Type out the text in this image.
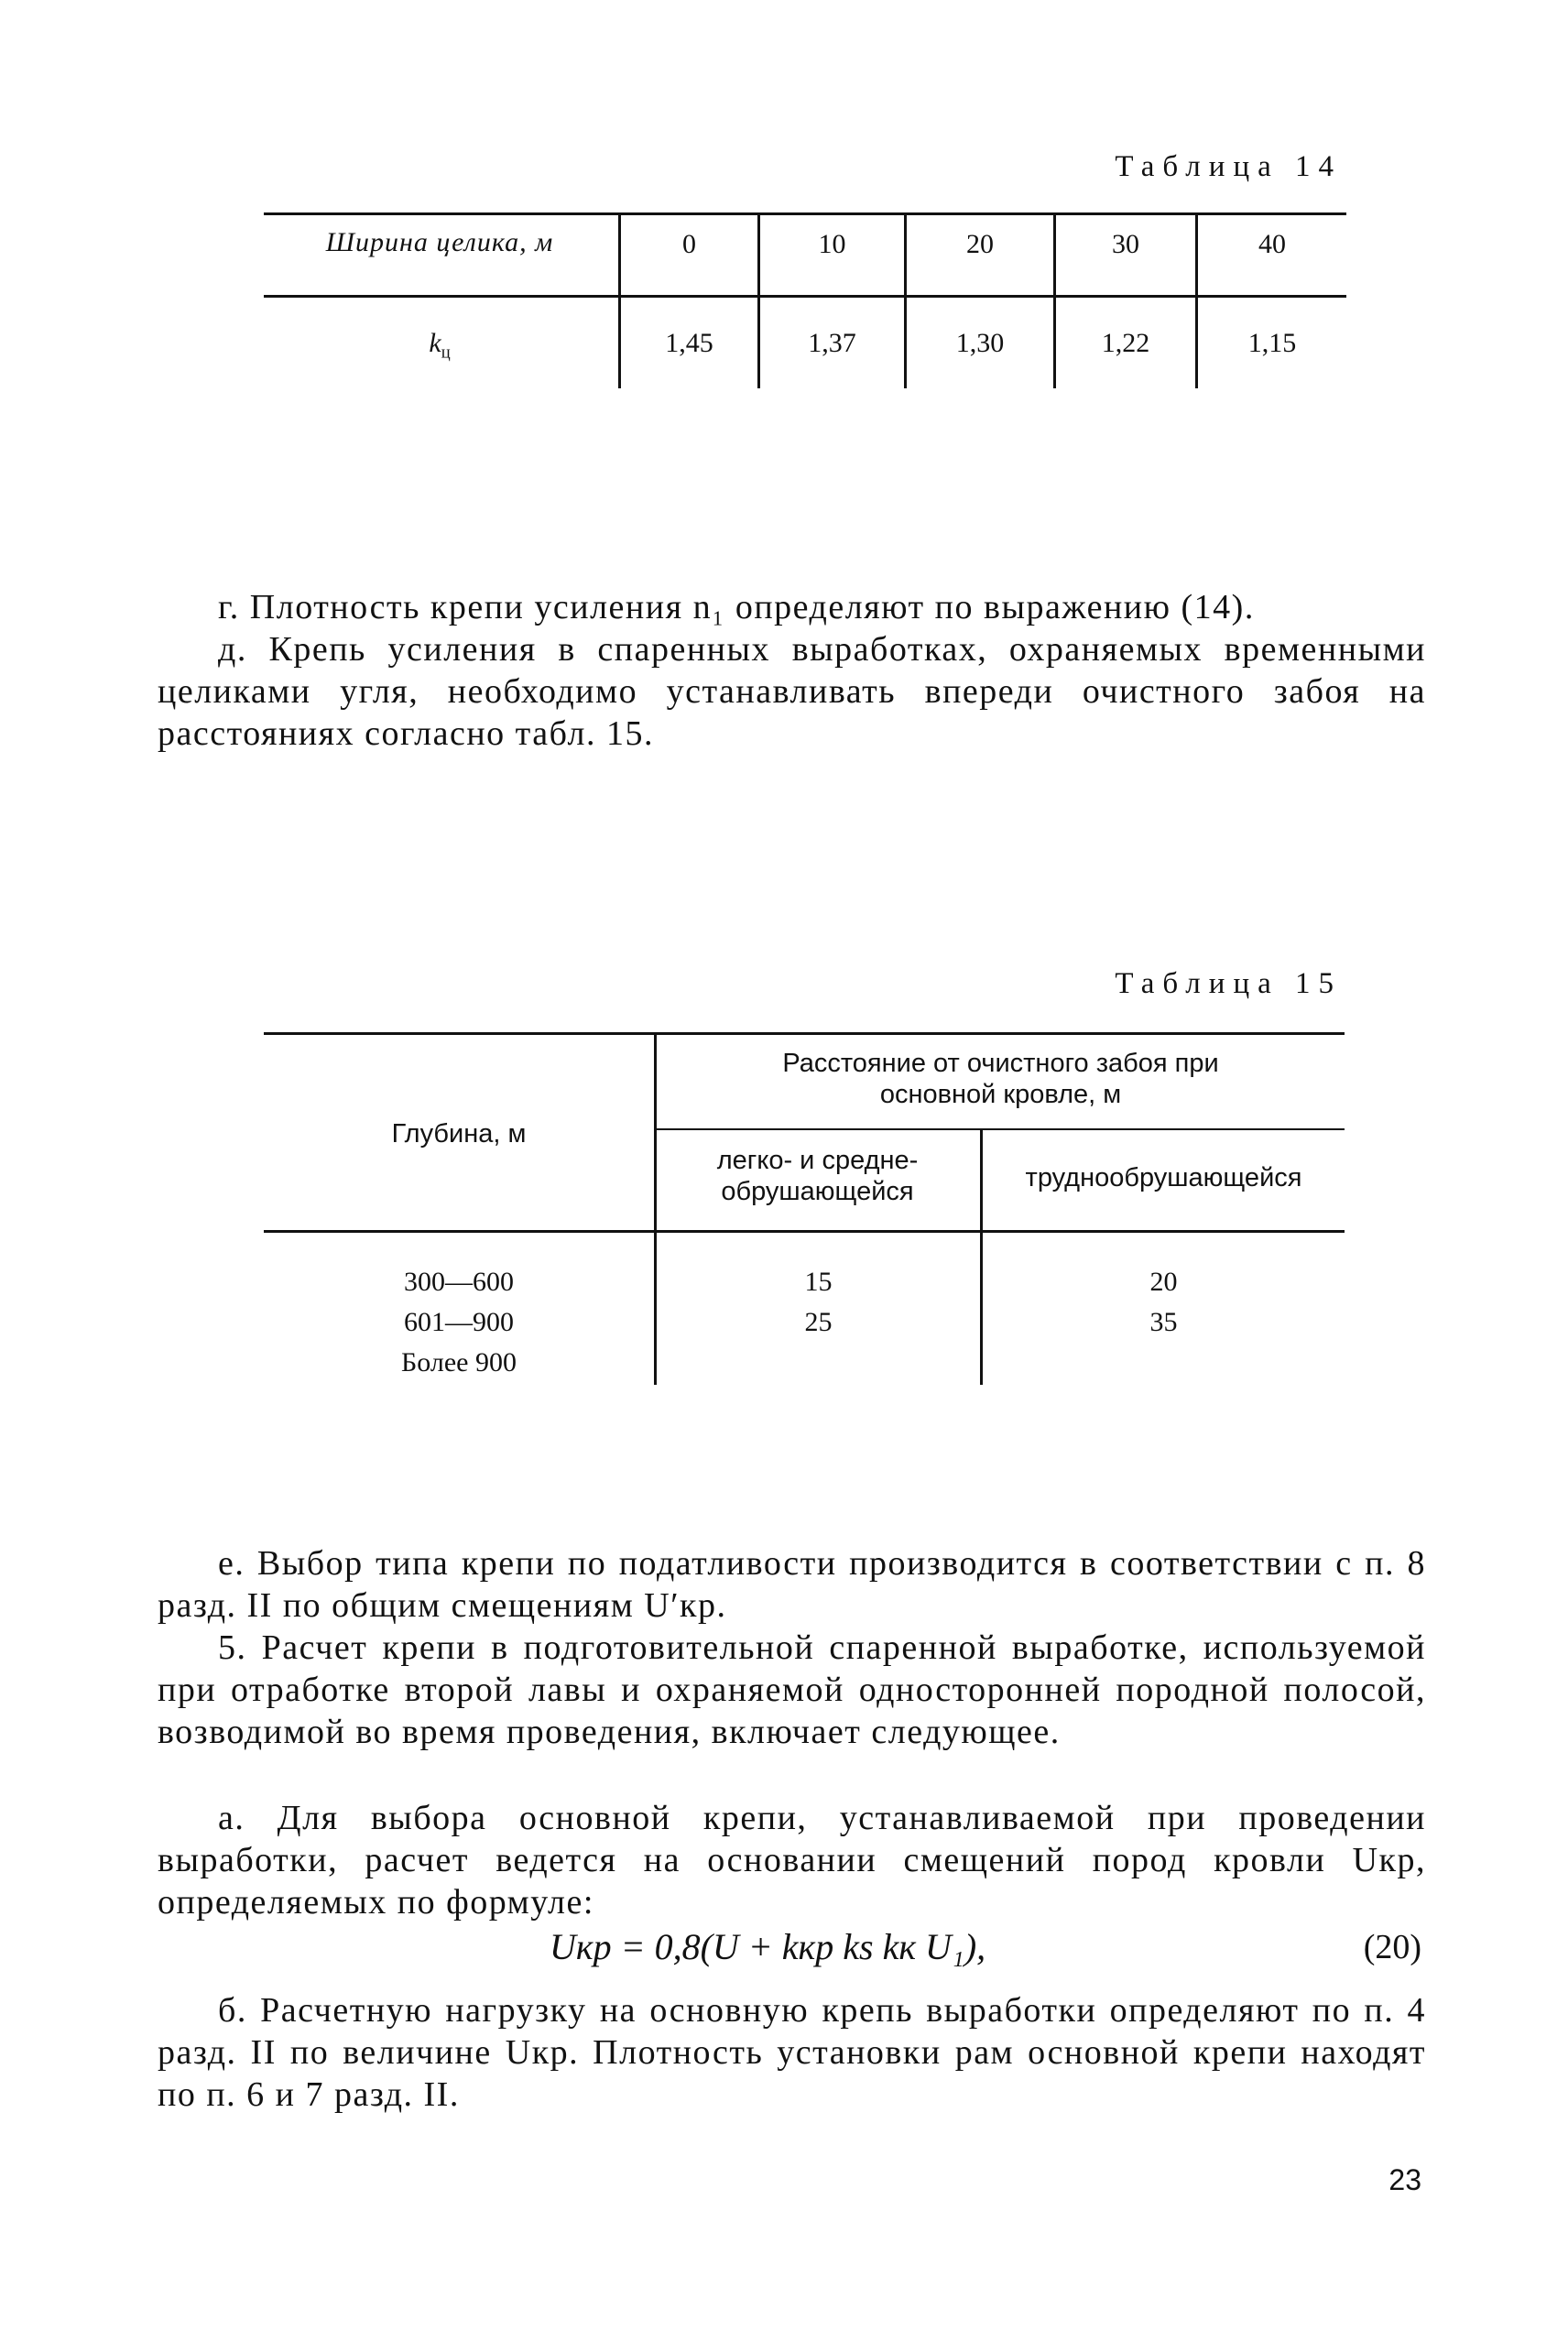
Таблица 14
Ширина целика, м	0	10	20	30	40
$k_ц$	1,45	1,37	1,30	1,22	1,15
г. Плотность крепи усиления n₁ определяют по выражению (14).
д. Крепь усиления в спаренных выработках, охраняемых временными целиками угля, необходимо устанавливать впереди очистного забоя на расстояниях согласно табл. 15.
Таблица 15
Глубина, м
Расстояние от очистного забоя при основной кровле, м
легко- и средне-обрушающейся	труднообрушающейся
300—600	15	20
601—900	25	35
Более 900
е. Выбор типа крепи по податливости производится в соответствии с п. 8 разд. II по общим смещениям U′кр.
5. Расчет крепи в подготовительной спаренной выработке, используемой при отработке второй лавы и охраняемой односторонней породной полосой, возводимой во время проведения, включает следующее.
а. Для выбора основной крепи, устанавливаемой при проведении выработки, расчет ведется на основании смещений пород кровли Uкр, определяемых по формуле:
Uкр = 0,8(U + kкр ks kк U₁),	(20)
б. Расчетную нагрузку на основную крепь выработки определяют по п. 4 разд. II по величине Uкр. Плотность установки рам основной крепи находят по п. 6 и 7 разд. II.
23
